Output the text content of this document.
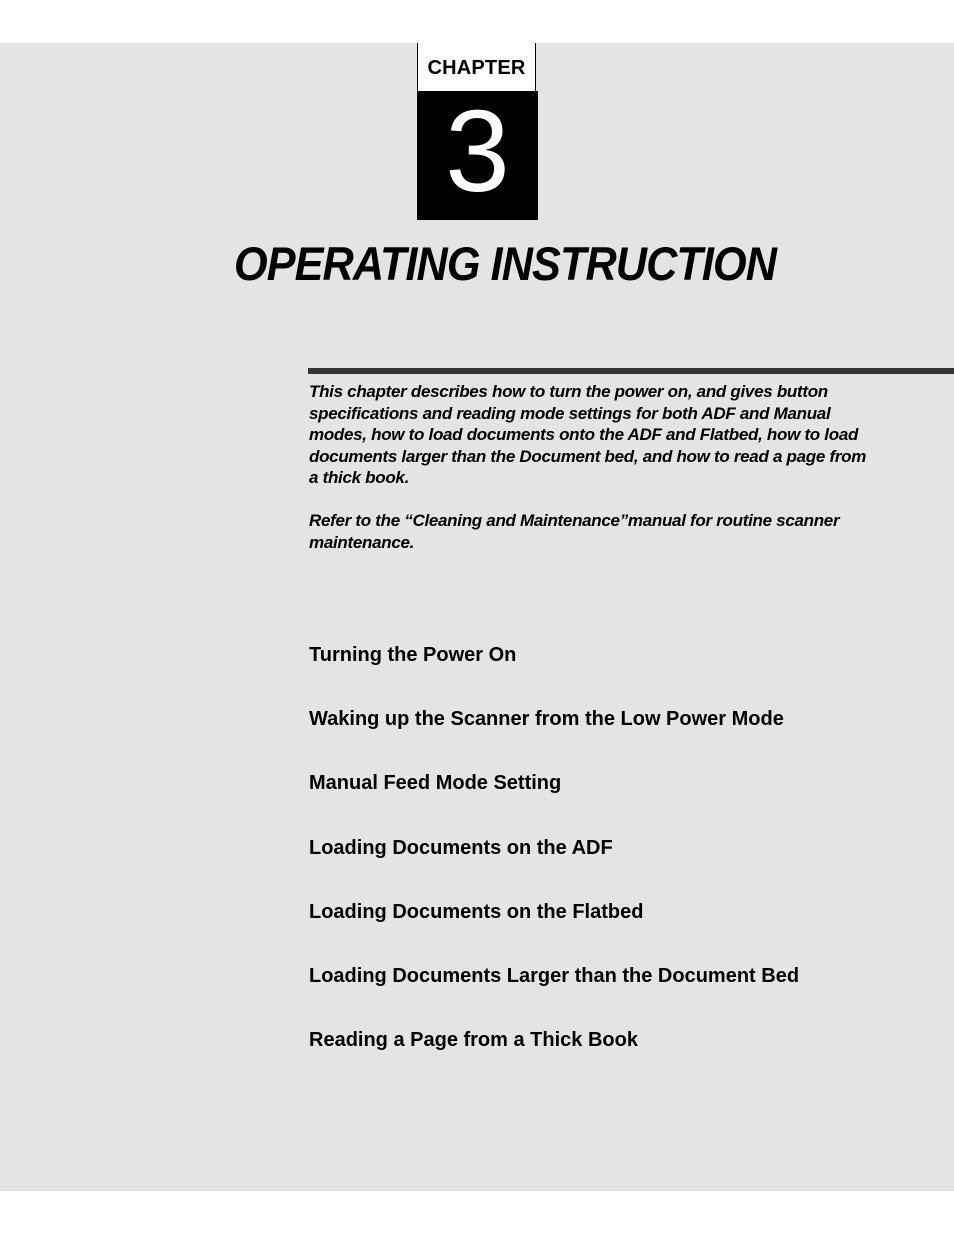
CHAPTER
3
OPERATING INSTRUCTION

This chapter describes how to turn the power on, and gives button specifications and reading mode settings for both ADF and Manual modes, how to load documents onto the ADF and Flatbed, how to load documents larger than the Document bed, and how to read a page from a thick book.

Refer to the “Cleaning and Maintenance”manual for routine scanner maintenance.

Turning the Power On
Waking up the Scanner from the Low Power Mode
Manual Feed Mode Setting
Loading Documents on the ADF
Loading Documents on the Flatbed
Loading Documents Larger than the Document Bed
Reading a Page from a Thick Book
